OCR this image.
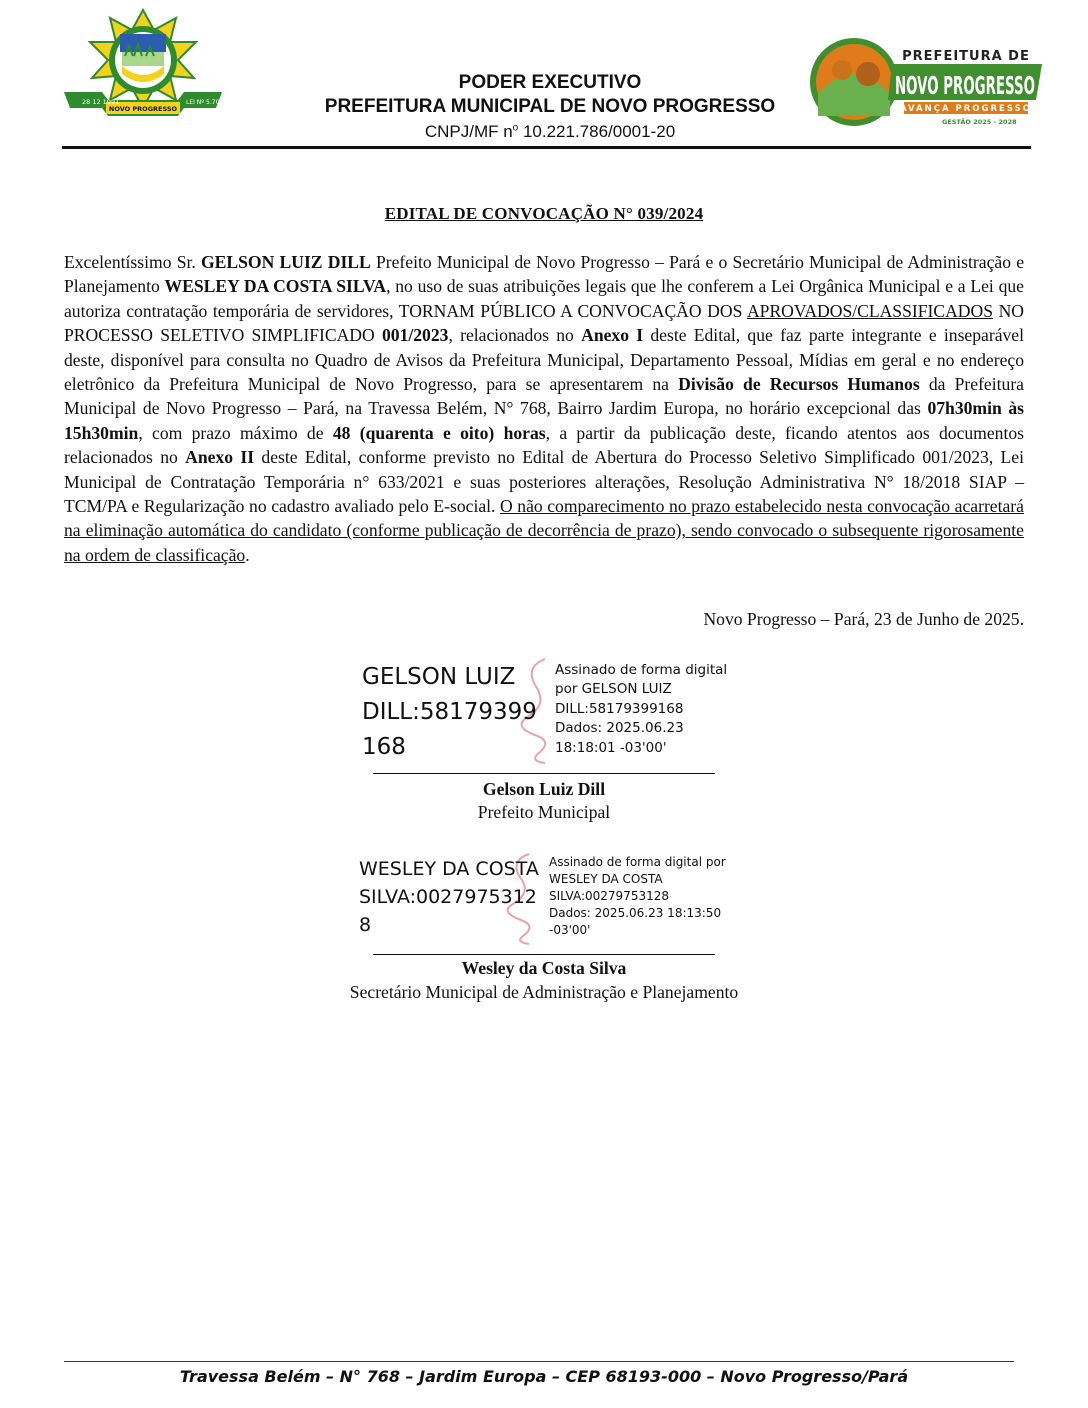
28 12 1991
NOVO PROGRESSO
LEI Nº 5.700
PODER EXECUTIVO
PREFEITURA MUNICIPAL DE NOVO PROGRESSO
CNPJ/MF $n^o$ 10.221.786/0001-20
PREFEITURA DE
NOVO PROGRESSO
AVANÇA PROGRESSO
GESTÃO 2025 - 2028
EDITAL DE CONVOCAÇÃO N° 039/2024
Excelentíssimo Sr. GELSON LUIZ DILL Prefeito Municipal de Novo Progresso – Pará e o Secretário Municipal de Administração e Planejamento WESLEY DA COSTA SILVA, no uso de suas atribuições legais que lhe conferem a Lei Orgânica Municipal e a Lei que autoriza contratação temporária de servidores, TORNAM PÚBLICO A CONVOCAÇÃO DOS APROVADOS/CLASSIFICADOS NO PROCESSO SELETIVO SIMPLIFICADO 001/2023, relacionados no Anexo I deste Edital, que faz parte integrante e inseparável deste, disponível para consulta no Quadro de Avisos da Prefeitura Municipal, Departamento Pessoal, Mídias em geral e no endereço eletrônico da Prefeitura Municipal de Novo Progresso, para se apresentarem na Divisão de Recursos Humanos da Prefeitura Municipal de Novo Progresso – Pará, na Travessa Belém, N° 768, Bairro Jardim Europa, no horário excepcional das 07h30min às 15h30min, com prazo máximo de 48 (quarenta e oito) horas, a partir da publicação deste, ficando atentos aos documentos relacionados no Anexo II deste Edital, conforme previsto no Edital de Abertura do Processo Seletivo Simplificado 001/2023, Lei Municipal de Contratação Temporária n° 633/2021 e suas posteriores alterações, Resolução Administrativa N° 18/2018 SIAP – TCM/PA e Regularização no cadastro avaliado pelo E-social. O não comparecimento no prazo estabelecido nesta convocação acarretará na eliminação automática do candidato (conforme publicação de decorrência de prazo), sendo convocado o subsequente rigorosamente na ordem de classificação.
Novo Progresso – Pará, 23 de Junho de 2025.
GELSON LUIZ
DILL:58179399
168
Assinado de forma digital
por GELSON LUIZ
DILL:58179399168
Dados: 2025.06.23
18:18:01 -03'00'
Gelson Luiz Dill
Prefeito Municipal
WESLEY DA COSTA
SILVA:0027975312
8
Assinado de forma digital por
WESLEY DA COSTA
SILVA:00279753128
Dados: 2025.06.23 18:13:50
-03'00'
Wesley da Costa Silva
Secretário Municipal de Administração e Planejamento
Travessa Belém – N° 768 – Jardim Europa – CEP 68193-000 – Novo Progresso/Pará
